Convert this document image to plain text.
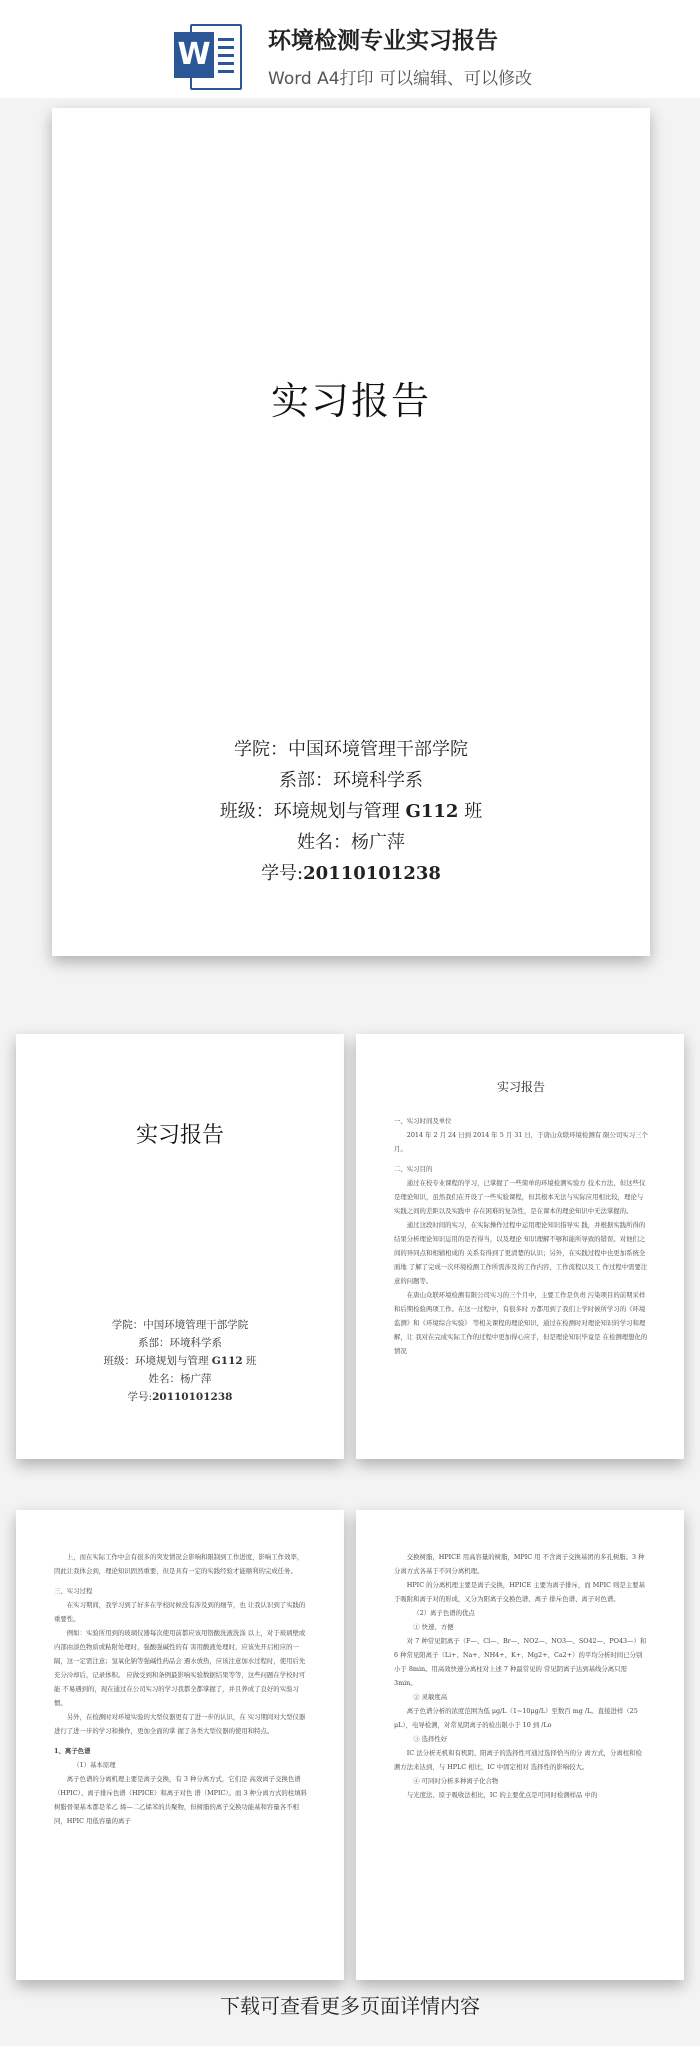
W 环境检测专业实习报告
Word A4打印 可以编辑、可以修改
实习报告
学院：中国环境管理干部学院
系部：环境科学系
班级：环境规划与管理 G112 班
姓名：杨广萍
学号:20110101238
实习报告
学院：中国环境管理干部学院
系部：环境科学系
班级：环境规划与管理 G112 班
姓名：杨广萍
学号:20110101238
实习报告
一、实习时间及单位
2014 年 2 月 24 日到 2014 年 5 月 31 日，于唐山众联环境检测有 限公司实习三个月。
二、实习目的
通过在校专业课程的学习，已掌握了一些简单的环境检测实验方 技术方法，但这些仅是理论知识，虽然我们在开设了一些实验课程，但其根本无法与实际应用相比较，理论与实践之间的差距以及实践中 存在困难的复杂性，是在课本的理论知识中无法掌握的。
通过这段时间的实习，在实际操作过程中运用理论知识指导实 践，并根据实践所得的结果分析理论知识运用的是否得当，以及理论 知识理解不够和能所导致的错误。对他们之间的异同点和相辅相成的 关系有得到了更清楚的认识；另外，在实践过程中也更加系统全面地 了解了完成一次环境检测工作所需涉及的工作内容，工作流程以及工 作过程中需要注意的问题等。
在唐山众联环境检测有限公司实习的三个月中，主要工作是负责 污染项目的前期采样和后期检验两项工作。在这一过程中，有很多时 方都用到了我们上学时候所学习的《环境监测》和《环境综合实验》 等相关课程的理论知识，通过在检测时对理论知识的学习和理解，让 我对在完成实际工作的过程中更加得心应手，但是理论知识毕竟是 在检测理想化的情况
上，而在实际工作中会有很多的突发情况会影响和限制到工作进度，影响工作效率，因此让我体会到，理论知识固然重要，但是具有一定的实践经验才能顺利的完成任务。
三、实习过程
在实习期间，我学习到了好多在学校时候没有涉及到的细节，也 让我认识到了实践的重要性。
例如：实验所用到的玻璃仪器每次使用前都应该用铬酸洗液洗涤 以上，对于玻璃壁或内部由淡色物质或粘附处理时，强酸强碱性的有 害用酸液处理时，应该先开启相应的一隔，这一定需注意；氢氧化钠等强碱性药品会 遇水放热，应该注意加水过程时，使用后先充分冷却后，记录体积。 应做受到和条例最影响实验数据结果等等，这些问题在学校时可能 不易遇到的，现在通过在公司实习的学习我都全都掌握了，并且养成了良好的实验习惯。
另外，在检测时对环境实验的大型仪器更有了进一步的认识，在 实习期间对大型仪器进行了进一步的学习和操作，更加全面的掌 握了各类大型仪器的使用和特点。
1、离子色谱
（1）基本原理
离子色谱的分离机理主要是离子交换，有 3 种分离方式，它们是 高效离子交换色谱（HPIC）、离子排斥色谱（HPICE）和离子对色 谱（MPIC）。而 3 种分离方式的柱填料树脂骨架基本都是苯乙 烯—二乙烯苯的共聚物，但树脂的离子交换功能基和容量各不相同，HPIC 用低容量的离子
交换树脂，HPICE 用高容量的树脂，MPIC 用 不含离子交换基团的多孔树脂。3 种分离方式各基于不同分离机理。
HPIC 的分离机理主要是离子交换，HPICE 主要为离子排斥，而 MPIC 则是主要基于吸附和离子对的形成，又分为阳离子交换色谱、离子 排斥色谱、离子对色谱。
（2）离子色谱的优点
① 快速、方便
对 7 种常见阴离子（F—、Cl—、Br—、NO2—、NO3—、SO42—、PO43—）和 6 种常见阳离子（Li+、Na+、NH4+、K+、Mg2+、Ca2+）的平均分析时间已分别小于 8min。用高效快速分离柱对上述 7 种最常见的 常见阴离子达到基线分离只需 3min。
② 灵敏度高
离子色谱分析的浓度范围为低 μg/L（1~10μg/L）至数百 mg /L。直接进样（25 μL），电导检测，对常见阴离子的检出限小于 10 到 /Lo
③ 选择性好
IC 法分析无机和有机阴、阳离子的选择性可通过选择恰当的分 离方式，分离柱和检测方法来达到，与 HPLC 相比，IC 中固定相对 选择性的影响较大。
④ 可同时分析多种离子化合物
与光度法、原子吸收法相比，IC 的主要优点是可同时检测样品 中的
下载可查看更多页面详情内容
